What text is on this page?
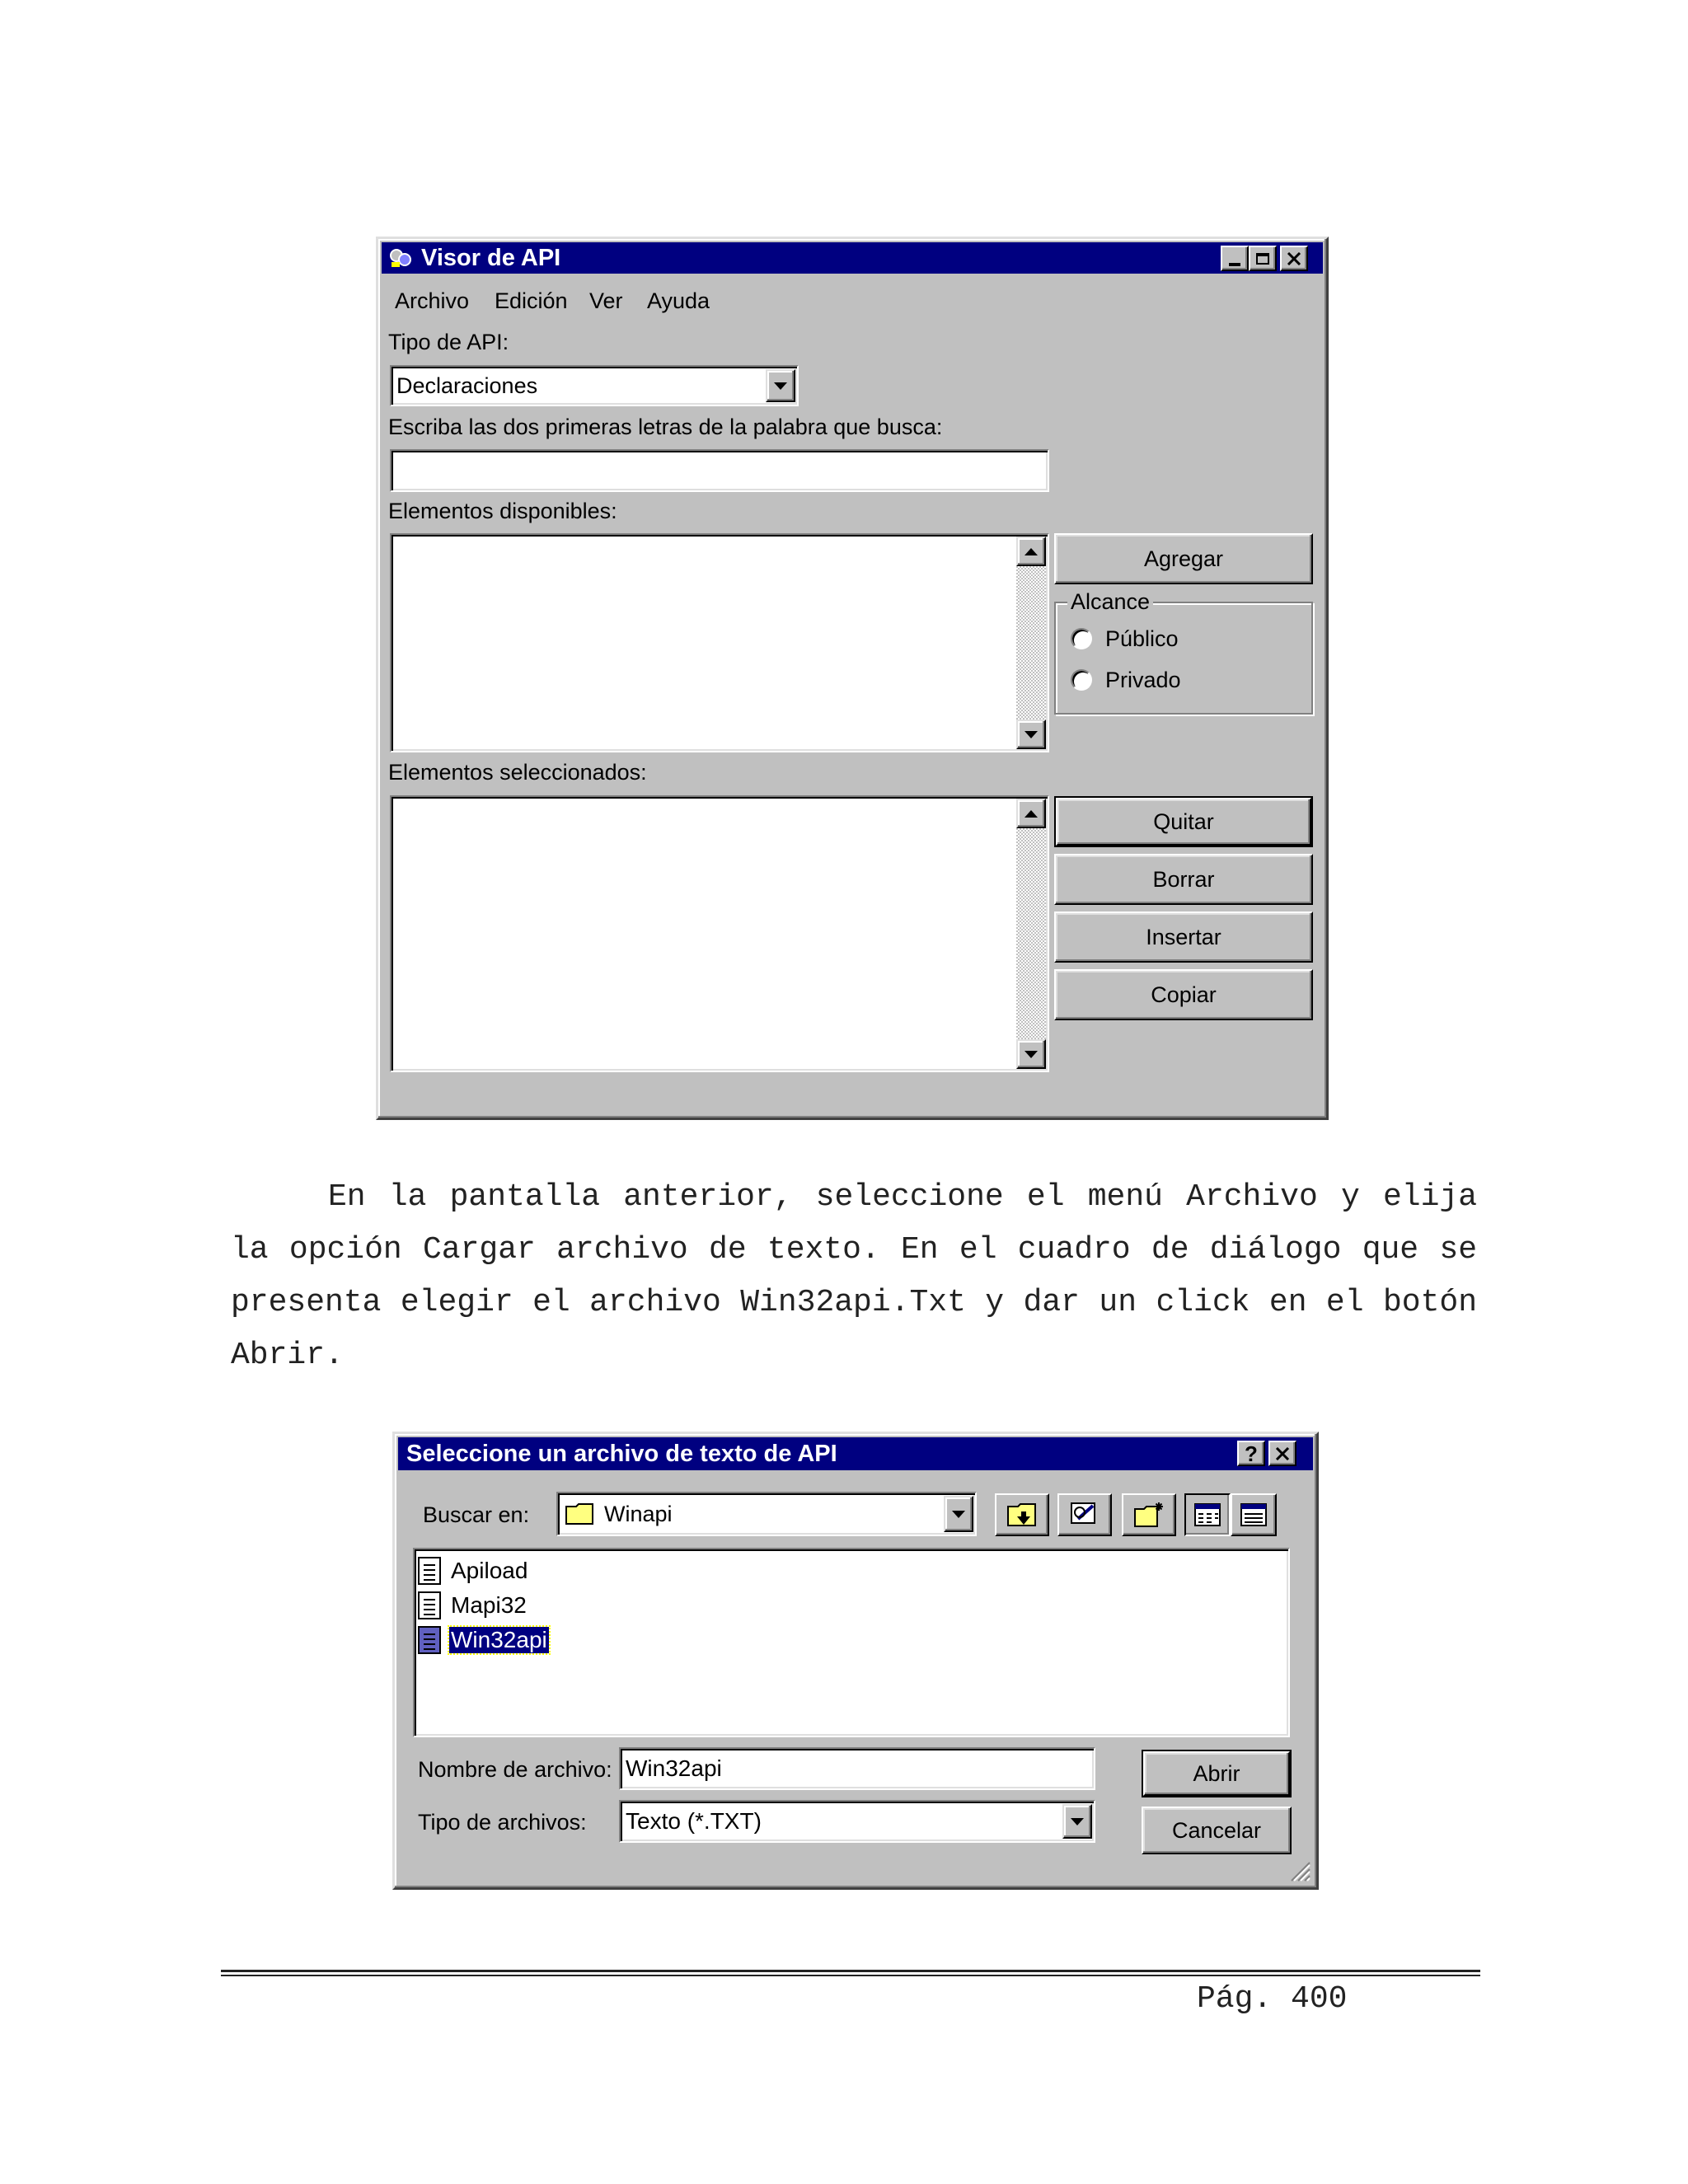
Visor de API
Archivo Edición Ver Ayuda
Tipo de API:
Declaraciones
Escriba las dos primeras letras de la palabra que busca:
Elementos disponibles:
Agregar
Alcance
Público
Privado
Elementos seleccionados:
Quitar
Borrar
Insertar
Copiar
En la pantalla anterior, seleccione el menú Archivo y elija la opción Cargar archivo de texto. En el cuadro de diálogo que se presenta elegir el archivo Win32api.Txt y dar un click en el botón Abrir.
Seleccione un archivo de texto de API	?
Buscar en:	Winapi
Apiload
Mapi32
Win32api
Nombre de archivo: Win32api
Tipo de archivos: Texto (*.TXT)
Abrir
Cancelar
Pág. 400
